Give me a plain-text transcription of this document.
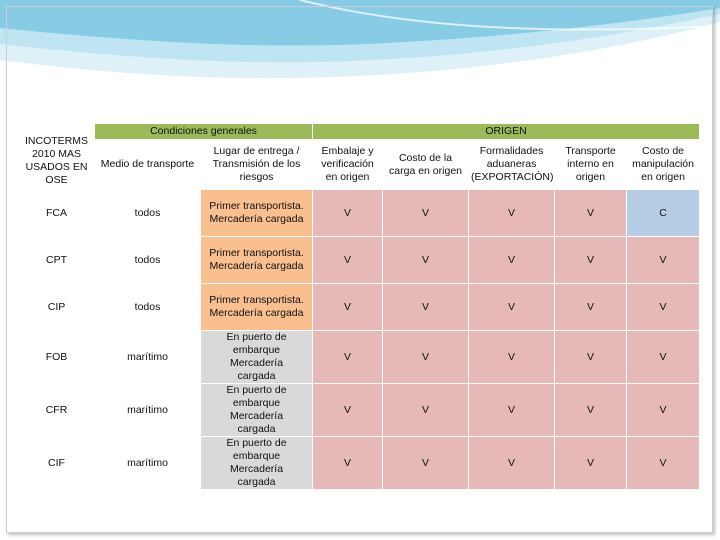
INCOTERMS 2010 MAS USADOS EN OSE	Condiciones generales		ORIGEN				
	Medio de transporte	Lugar de entrega / Transmisión de los riesgos	Embalaje y verificación en origen	Costo de la carga en origen	Formalidades aduaneras (EXPORTACIÓN)	Transporte interno en origen	Costo de manipulación en origen
FCA	todos	Primer transportista. Mercadería cargada	V	V	V	V	C
CPT	todos	Primer transportista. Mercadería cargada	V	V	V	V	V
CIP	todos	Primer transportista. Mercadería cargada	V	V	V	V	V
FOB	marítimo	En puerto de embarque Mercadería cargada	V	V	V	V	V
CFR	marítimo	En puerto de embarque Mercadería cargada	V	V	V	V	V
CIF	marítimo	En puerto de embarque Mercadería cargada	V	V	V	V	V
